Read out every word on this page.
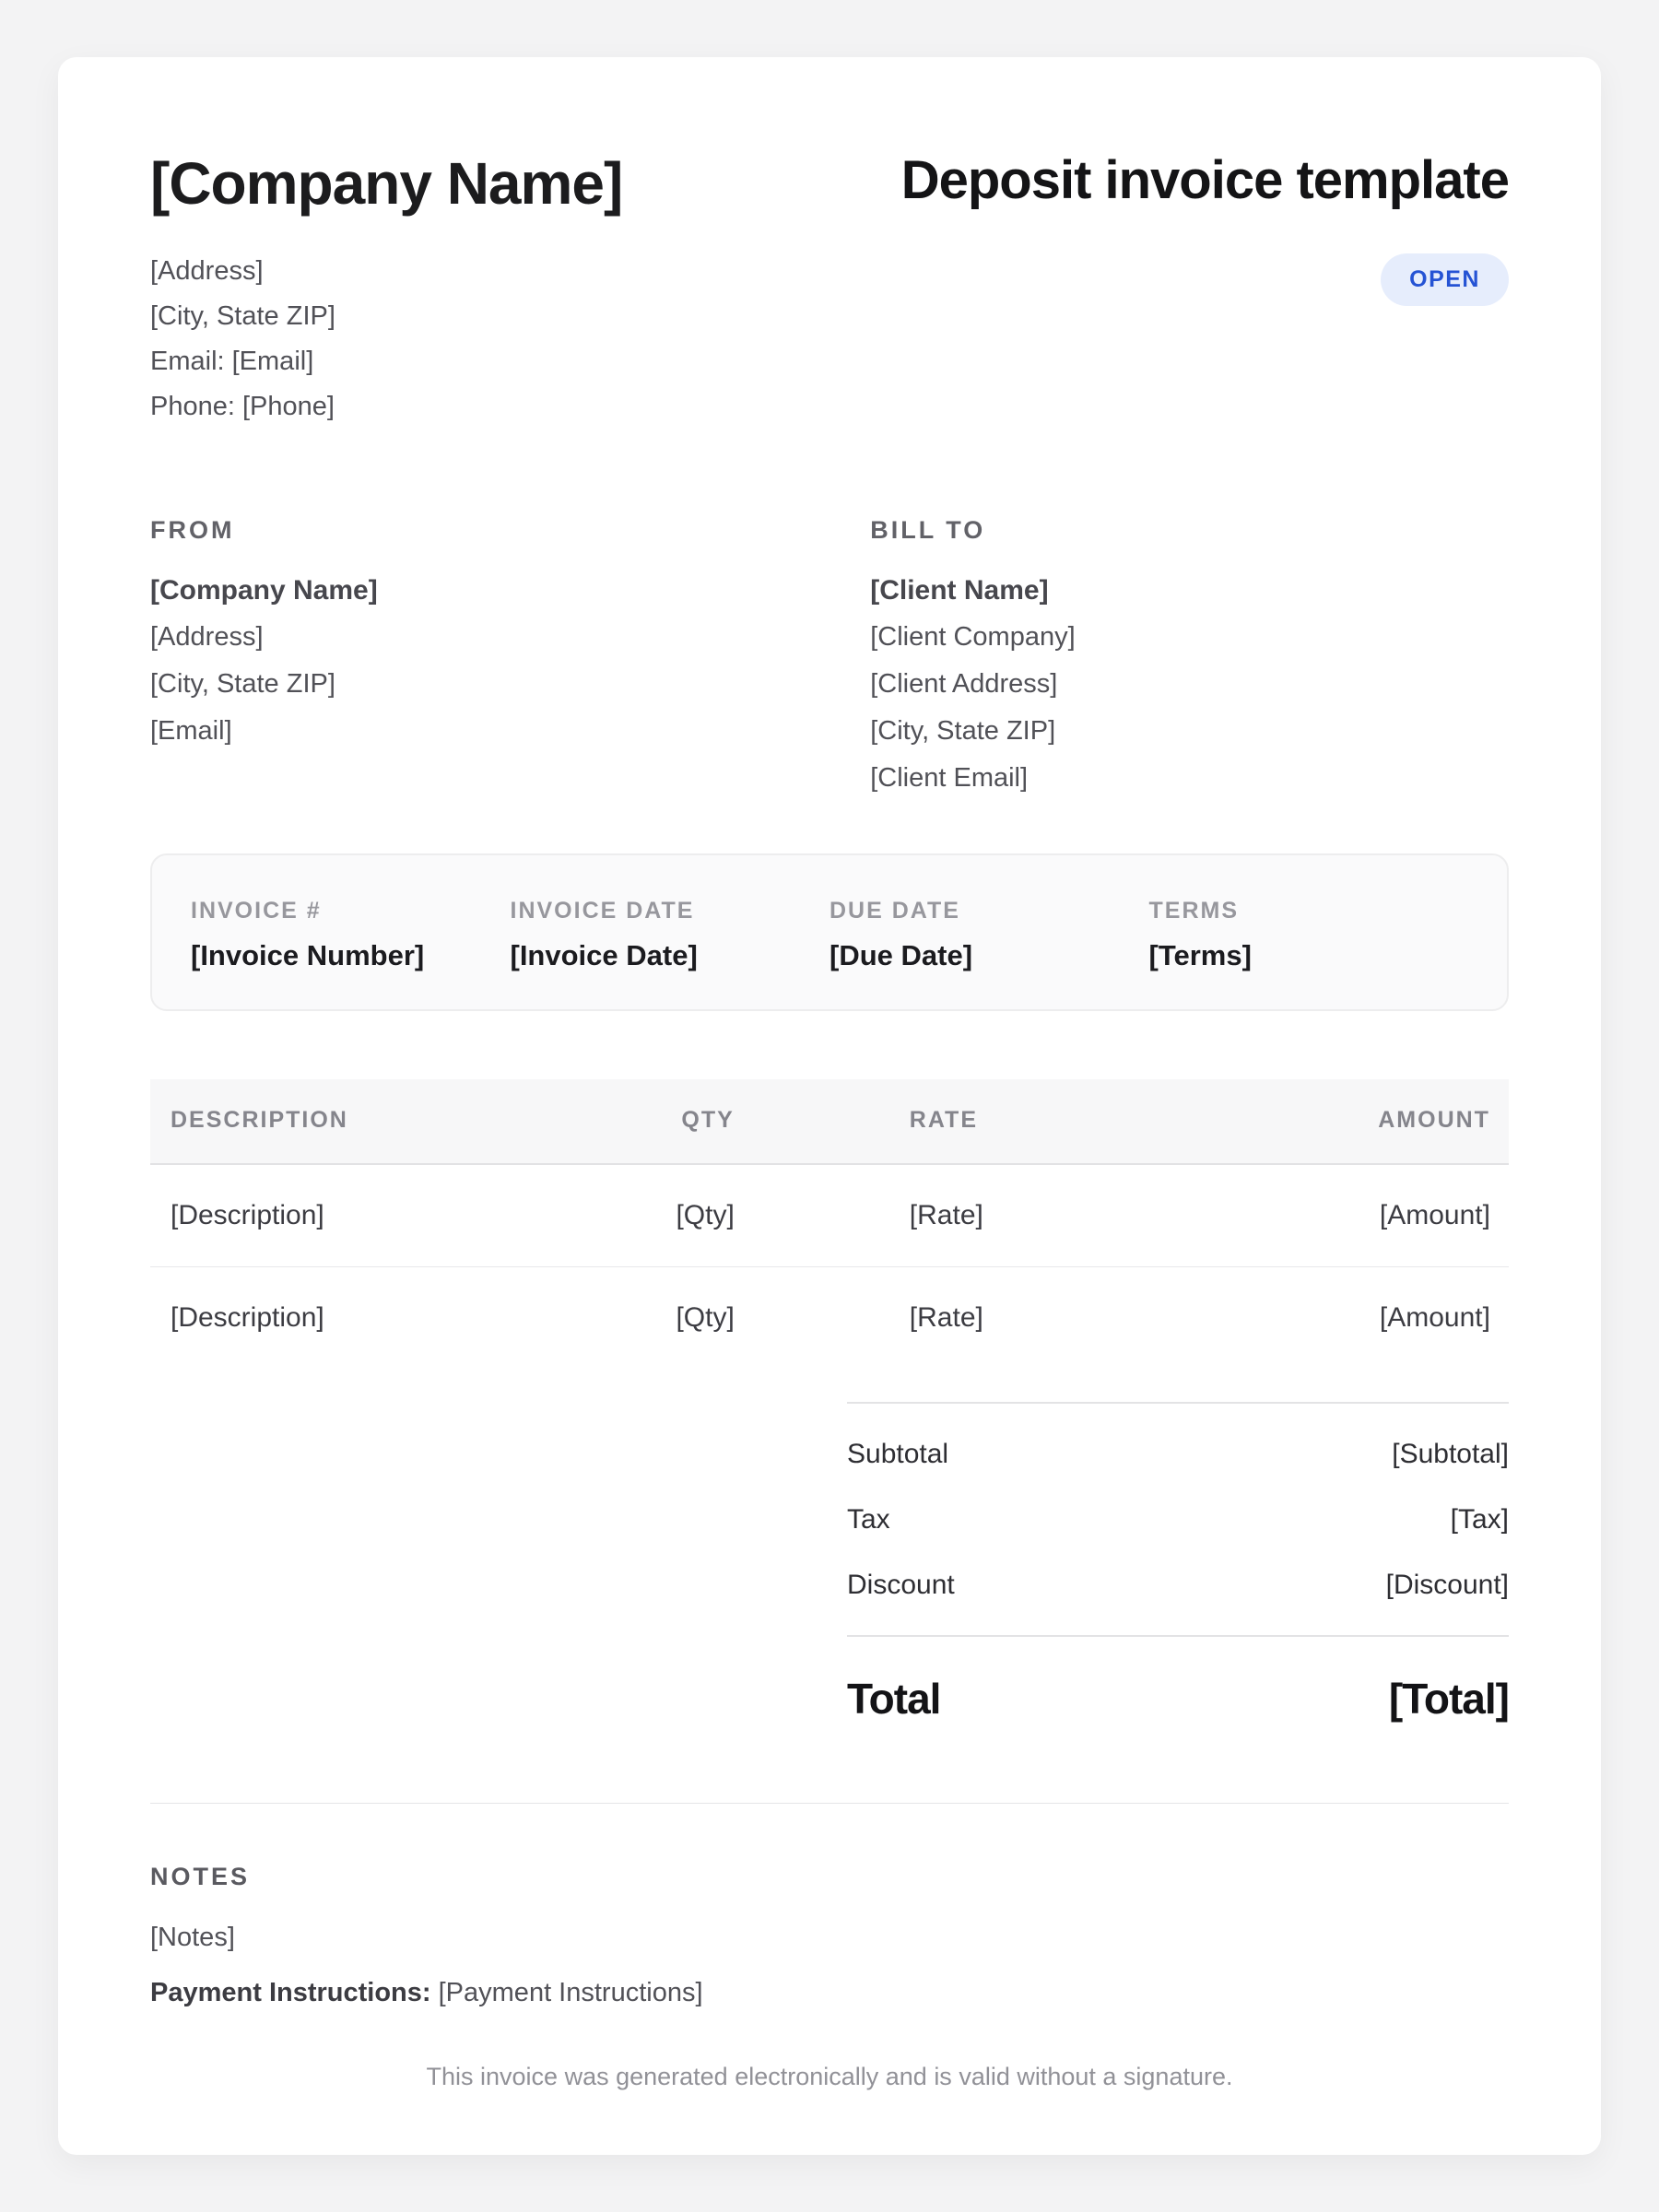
[Company Name]
[Address]
[City, State ZIP]
Email: [Email]
Phone: [Phone]
Deposit invoice template
OPEN
FROM
[Company Name]
[Address]
[City, State ZIP]
[Email]
BILL TO
[Client Name]
[Client Company]
[Client Address]
[City, State ZIP]
[Client Email]
INVOICE #
[Invoice Number]
INVOICE DATE
[Invoice Date]
DUE DATE
[Due Date]
TERMS
[Terms]
DESCRIPTION	QTY	RATE	AMOUNT
[Description]	[Qty]	[Rate]	[Amount]
[Description]	[Qty]	[Rate]	[Amount]
Subtotal	[Subtotal]
Tax	[Tax]
Discount	[Discount]
Total	[Total]
NOTES
[Notes]
Payment Instructions: [Payment Instructions]
This invoice was generated electronically and is valid without a signature.
